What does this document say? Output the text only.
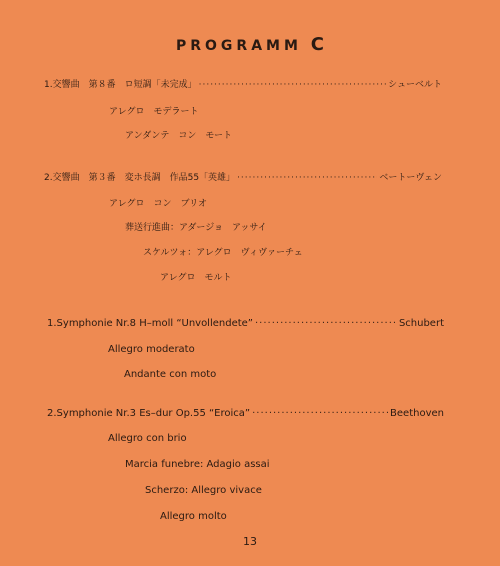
PROGRAMM C
1. 交響曲　第８番　ロ短調「未完成」 ·····	シューベルト
アレグロ　モデラート
アンダンテ　コン　モート
2. 交響曲　第３番　変ホ長調　作品55「英雄」 ·····	ベートーヴェン
アレグロ　コン　ブリオ
葬送行進曲：アダージョ　アッサイ
スケルツォ：アレグロ　ヴィヴァーチェ
アレグロ　モルト
1. Symphonie Nr.8 H–moll “Unvollendete” ·····	Schubert
Allegro moderato
Andante con moto
2. Symphonie Nr.3 Es–dur Op.55 “Eroica” ·····	Beethoven
Allegro con brio
Marcia funebre: Adagio assai
Scherzo: Allegro vivace
Allegro molto
13
